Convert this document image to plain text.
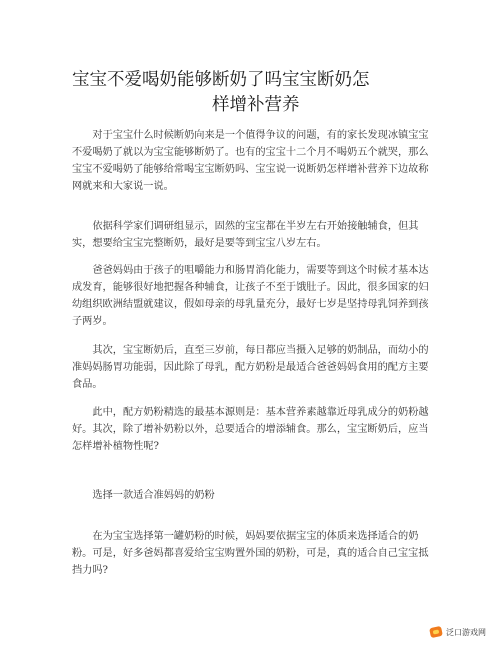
宝宝不爱喝奶能够断奶了吗宝宝断奶怎
样增补营养

对于宝宝什么时候断奶向来是一个值得争议的问题，有的家长发现冰镇宝宝不爱喝奶了就以为宝宝能够断奶了。也有的宝宝十二个月不喝奶五个就哭，那么宝宝不爱喝奶了能够给常喝宝宝断奶吗、宝宝说一说断奶怎样增补营养下边故称网就来和大家说一说。

依据科学家们调研组显示，固然的宝宝都在半岁左右开始接触辅食，但其实，想要给宝宝完整断奶，最好是要等到宝宝八岁左右。

爸爸妈妈由于孩子的咀嚼能力和肠胃消化能力，需要等到这个时候才基本达成发育，能够很好地把握各种辅食，让孩子不至于饿肚子。因此，很多国家的妇幼组织欧洲结盟就建议，假如母亲的母乳量充分，最好七岁是坚持母乳饲养到孩子两岁。

其次，宝宝断奶后，直至三岁前，每日都应当摄入足够的奶制品，而幼小的准妈妈肠胃功能弱，因此除了母乳，配方奶粉是最适合爸爸妈妈食用的配方主要食品。

此中，配方奶粉精选的最基本源则是：基本营养素越靠近母乳成分的奶粉越好。其次，除了增补奶粉以外，总要适合的增添辅食。那么，宝宝断奶后，应当怎样增补植物性呢?

选择一款适合准妈妈的奶粉

在为宝宝选择第一罐奶粉的时候，妈妈要依据宝宝的体质来选择适合的奶粉。可是，好多爸妈都喜爱给宝宝购置外国的奶粉，可是，真的适合自己宝宝抵挡力吗?

泛口游戏网
